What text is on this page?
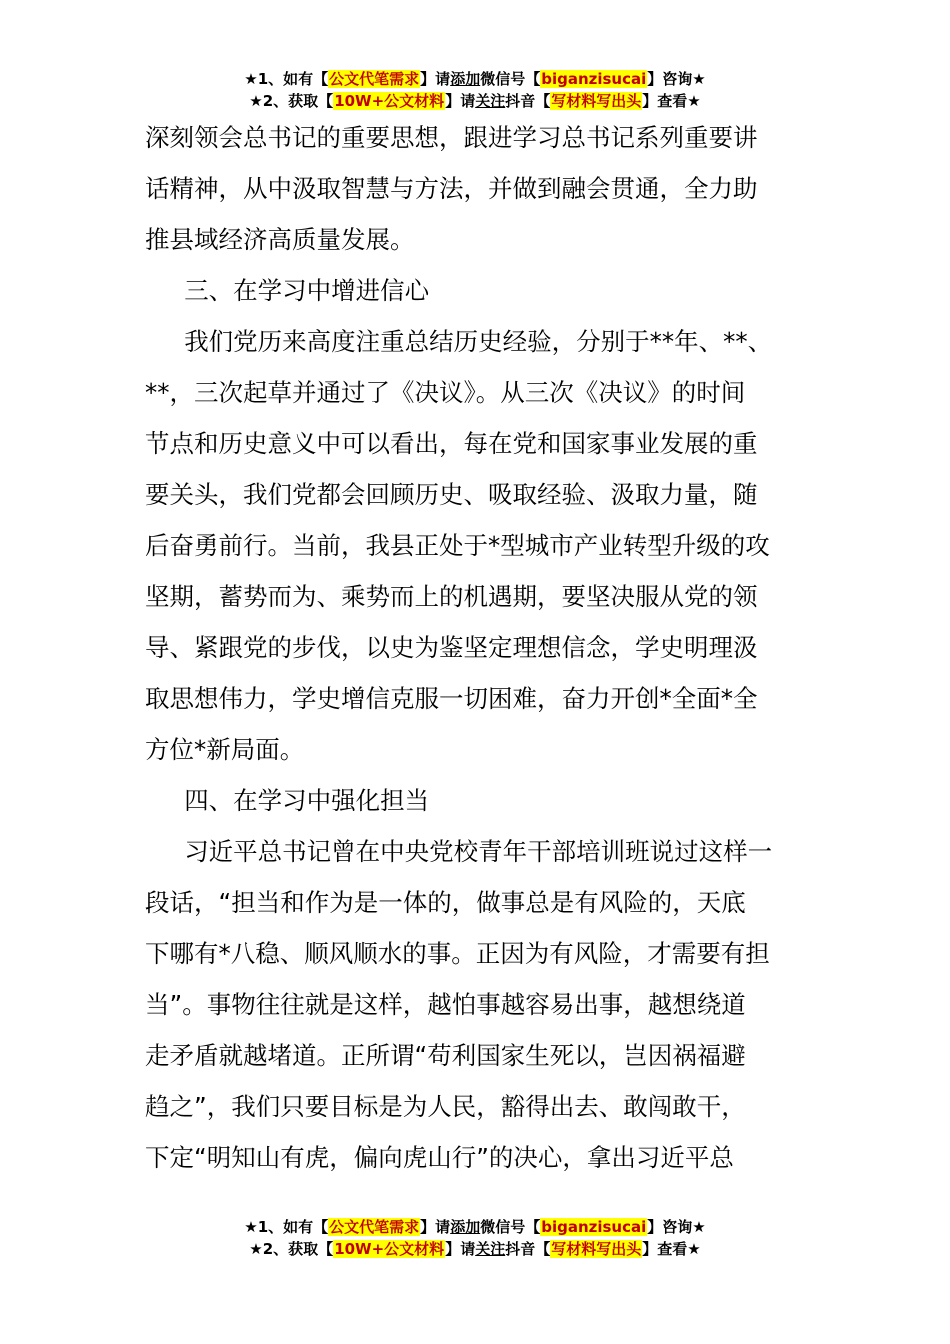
★1、如有【公文代笔需求】请添加微信号【biganzisucai】咨询★
★2、获取【10W+公文材料】请关注抖音【写材料写出头】查看★

深刻领会总书记的重要思想，跟进学习总书记系列重要讲

话精神，从中汲取智慧与方法，并做到融会贯通，全力助

推县域经济高质量发展。

三、在学习中增进信心

我们党历来高度注重总结历史经验，分别于**年、**、

**，三次起草并通过了《决议》。从三次《决议》的时间

节点和历史意义中可以看出，每在党和国家事业发展的重

要关头，我们党都会回顾历史、吸取经验、汲取力量，随

后奋勇前行。当前，我县正处于*型城市产业转型升级的攻

坚期，蓄势而为、乘势而上的机遇期，要坚决服从党的领

导、紧跟党的步伐，以史为鉴坚定理想信念，学史明理汲

取思想伟力，学史增信克服一切困难，奋力开创*全面*全

方位*新局面。

四、在学习中强化担当

习近平总书记曾在中央党校青年干部培训班说过这样一

段话，“担当和作为是一体的，做事总是有风险的，天底

下哪有*八稳、顺风顺水的事。正因为有风险，才需要有担

当”。事物往往就是这样，越怕事越容易出事，越想绕道

走矛盾就越堵道。正所谓“苟利国家生死以，岂因祸福避

趋之”，我们只要目标是为人民，豁得出去、敢闯敢干，

下定“明知山有虎，偏向虎山行”的决心，拿出习近平总

★1、如有【公文代笔需求】请添加微信号【biganzisucai】咨询★
★2、获取【10W+公文材料】请关注抖音【写材料写出头】查看★
